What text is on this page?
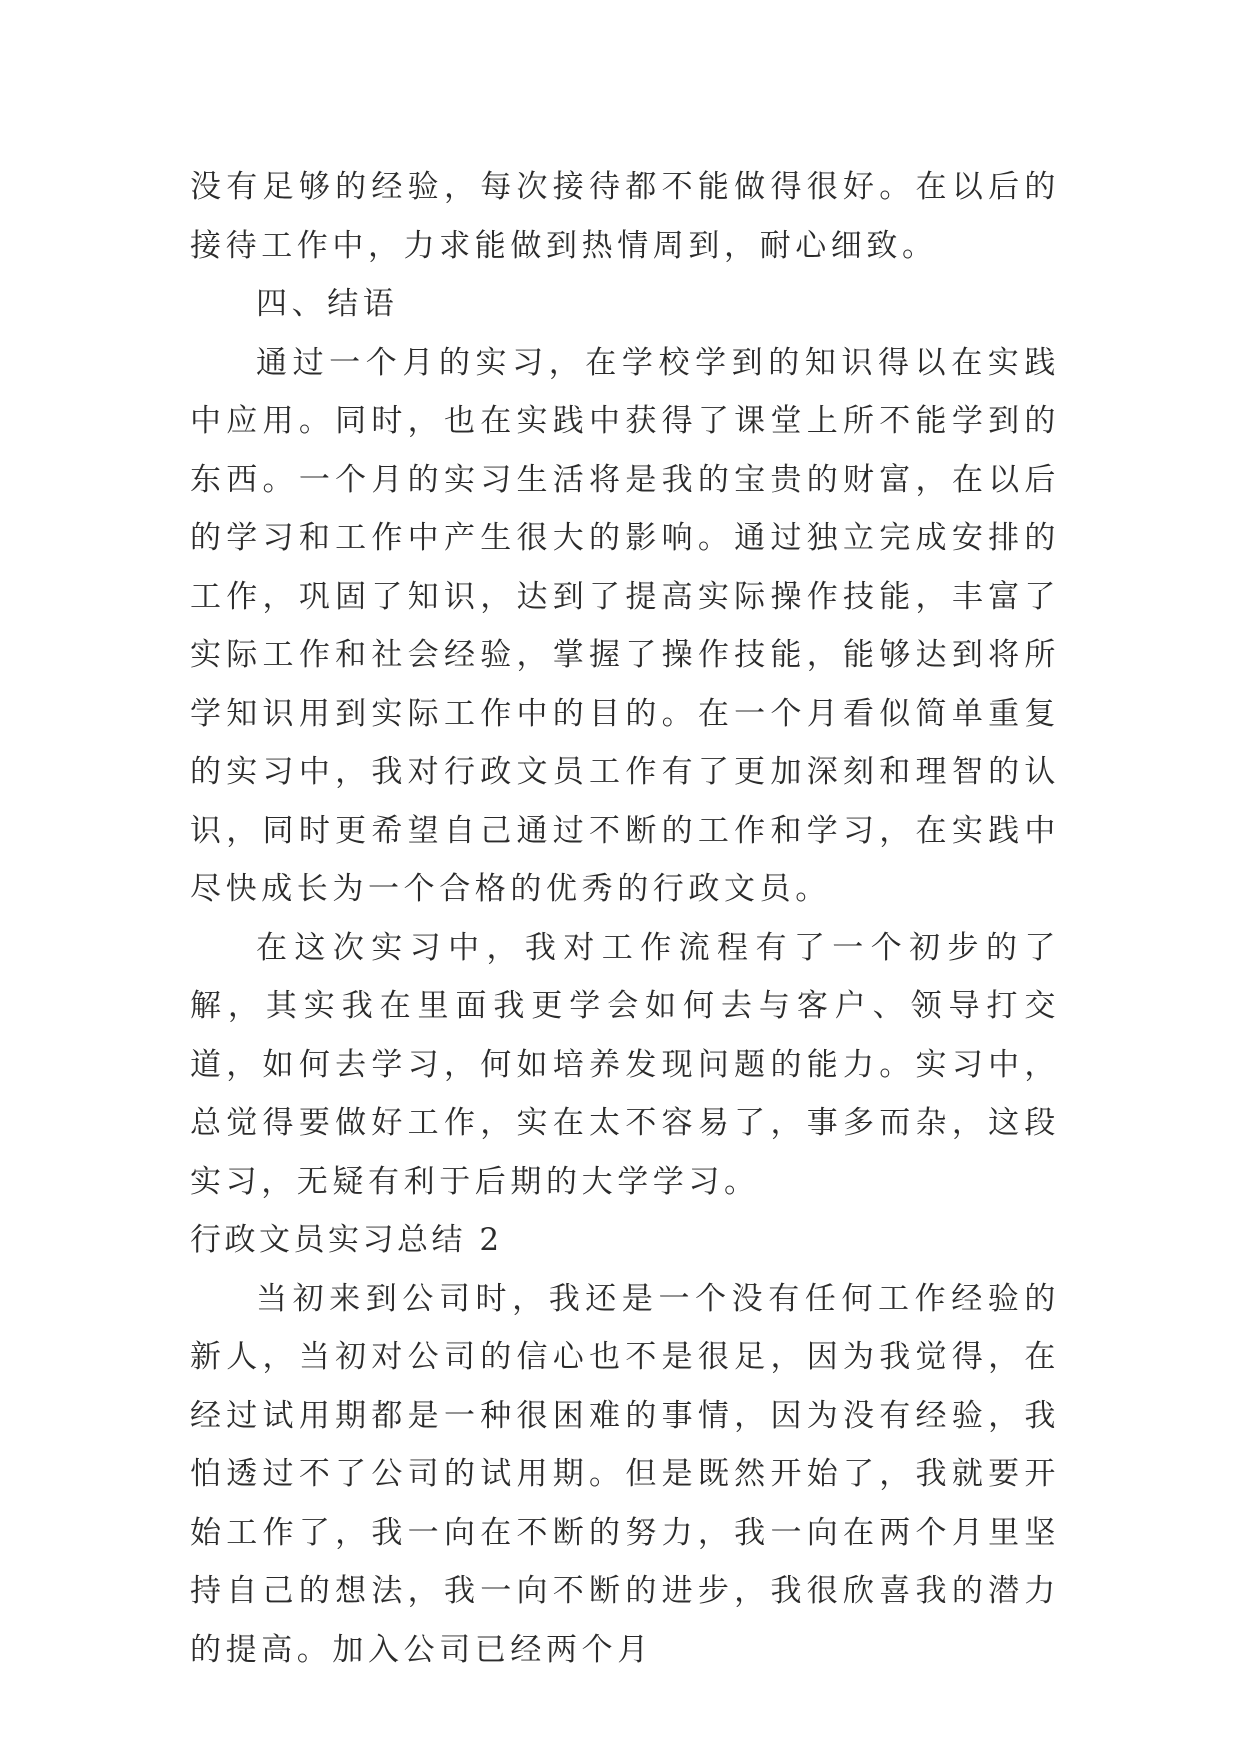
没有足够的经验，每次接待都不能做得很好。在以后的接待工作中，力求能做到热情周到，耐心细致。

四、结语

通过一个月的实习，在学校学到的知识得以在实践中应用。同时，也在实践中获得了课堂上所不能学到的东西。一个月的实习生活将是我的宝贵的财富，在以后的学习和工作中产生很大的影响。通过独立完成安排的工作，巩固了知识，达到了提高实际操作技能，丰富了实际工作和社会经验，掌握了操作技能，能够达到将所学知识用到实际工作中的目的。在一个月看似简单重复的实习中，我对行政文员工作有了更加深刻和理智的认识，同时更希望自己通过不断的工作和学习，在实践中尽快成长为一个合格的优秀的行政文员。

在这次实习中，我对工作流程有了一个初步的了解，其实我在里面我更学会如何去与客户、领导打交道，如何去学习，何如培养发现问题的能力。实习中，总觉得要做好工作，实在太不容易了，事多而杂，这段实习，无疑有利于后期的大学学习。

行政文员实习总结 2

当初来到公司时，我还是一个没有任何工作经验的新人，当初对公司的信心也不是很足，因为我觉得，在经过试用期都是一种很困难的事情，因为没有经验，我怕透过不了公司的试用期。但是既然开始了，我就要开始工作了，我一向在不断的努力，我一向在两个月里坚持自己的想法，我一向不断的进步，我很欣喜我的潜力的提高。加入公司已经两个月
